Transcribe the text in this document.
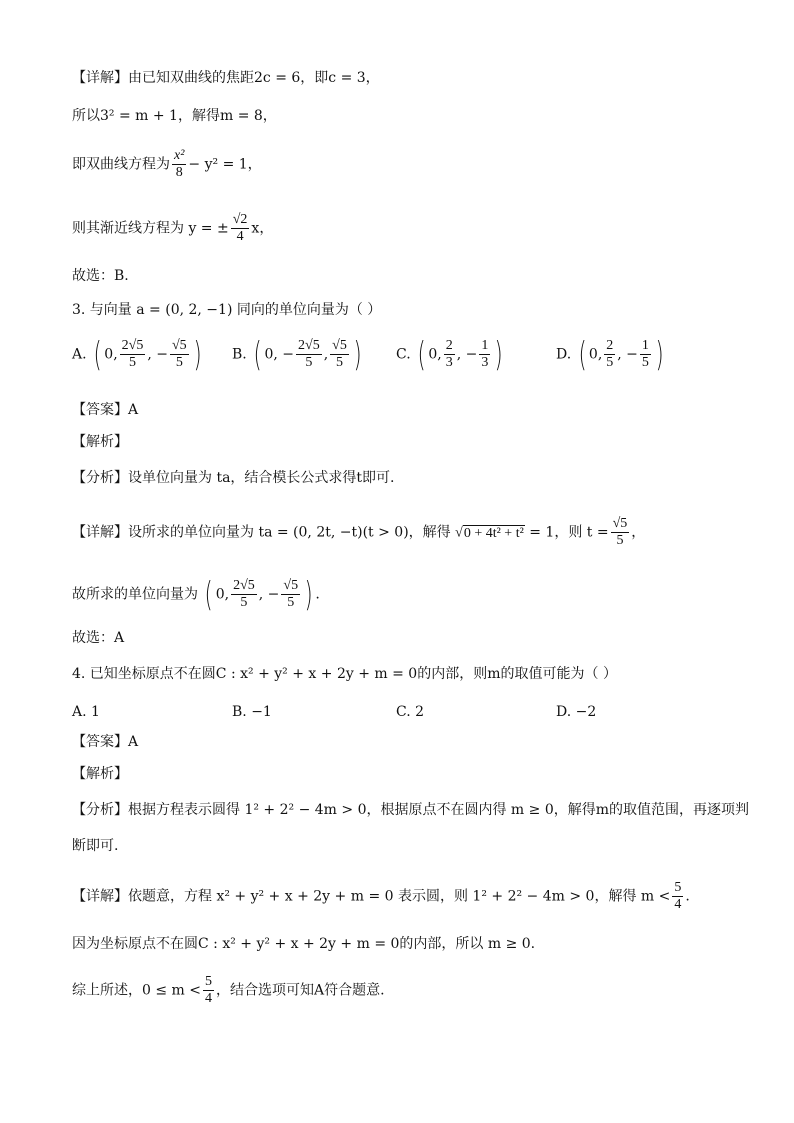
【详解】由已知双曲线的焦距2c = 6，即c = 3，
所以3² = m + 1，解得m = 8，
即双曲线方程为 $\frac{\text{x²}}{8} - y^2 = 1$，
则其渐近线方程为 y = ± $\frac{√2}{4}$ x，
故选：B.
3. 与向量 a = (0, 2, −1) 同向的单位向量为（ ）
A. ( 0, $\frac{2√5}{5}$ , − $\frac{√5}{5}$ ) B. ( 0, − $\frac{2√5}{5}$ , $\frac{√5}{5}$ ) C. ( 0, $\frac{2}{3}$ , − $\frac{1}{3}$ )	D. ( 0, $\frac{2}{5}$ , − $\frac{1}{5}$ )
【答案】A
【解析】
【分析】设单位向量为 ta，结合模长公式求得t即可.
【详解】设所求的单位向量为 ta = (0, 2t, −t)(t > 0)，解得 √0 + 4t² + t² = 1，则 $t = \frac{√5}{5}$ ，
故所求的单位向量为 ( 0, $\frac{2√5}{5}$ , − $\frac{√5}{5}$ ) .
故选：A
4. 已知坐标原点不在圆C : x² + y² + x + 2y + m = 0的内部，则m的取值可能为（ ）
A. 1	B. −1	C. 2	D. −2
【答案】A
【解析】
【分析】根据方程表示圆得 1² + 2² − 4m > 0，根据原点不在圆内得 m ≥ 0，解得m的取值范围，再逐项判
断即可.
【详解】依题意，方程 x² + y² + x + 2y + m = 0 表示圆，则 1² + 2² − 4m > 0，解得 $m < \frac{5}{4}$ .
因为坐标原点不在圆C : x² + y² + x + 2y + m = 0的内部，所以 m ≥ 0.
综上所述，$0 \le m < \frac{5}{4}$ ，结合选项可知A符合题意.
